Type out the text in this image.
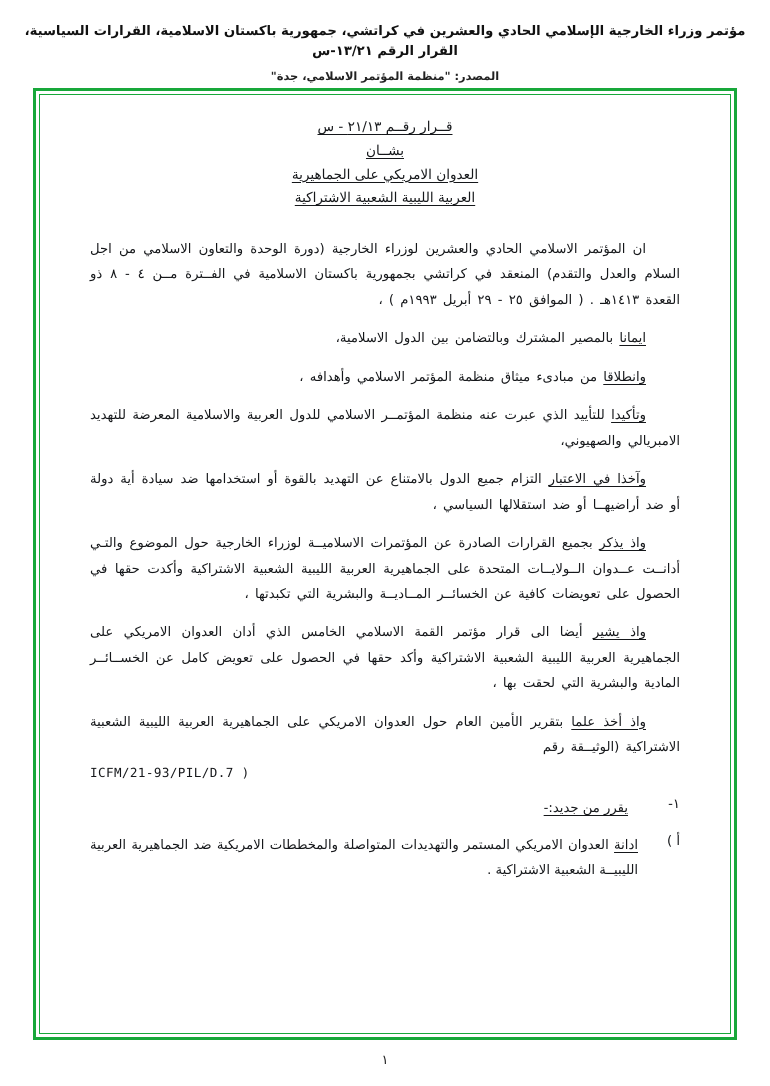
مؤتمر وزراء الخارجية الإسلامي الحادي والعشرين في كراتشي، جمهورية باكستان الاسلامية، القرارات السياسية، القرار الرقم ١٣/٢١-س
المصدر: "منظمة المؤتمر الاسلامي، جدة"
قــرار رقــم ٢١/١٣ - س
بشــان
العدوان الامريكي على الجماهيرية
العربية الليبية الشعبية الاشتراكية

ان المؤتمر الاسلامي الحادي والعشرين لوزراء الخارجية (دورة الوحدة والتعاون الاسلامي من اجل السلام والعدل والتقدم) المنعقد في كراتشي بجمهورية باكستان الاسلامية في الفــترة مــن ٤ - ٨ ذو القعدة ١٤١٣هـ . ( الموافق ٢٥ - ٢٩ أبريل ١٩٩٣م ) ،

ايمانا بالمصير المشترك وبالتضامن بين الدول الاسلامية،

وانطلاقا من مبادىء ميثاق منظمة المؤتمر الاسلامي وأهدافه ،

وتأكيدا للتأييد الذي عبرت عنه منظمة المؤتمــر الاسلامي للدول العربية والاسلامية المعرضة للتهديد الامبريالي والصهيوني،

وآخذا في الاعتبار التزام جميع الدول بالامتناع عن التهديد بالقوة أو استخدامها ضد سيادة أية دولة أو ضد أراضيهــا أو ضد استقلالها السياسي ،

واذ يذكر بجميع القرارات الصادرة عن المؤتمرات الاسلاميــة لوزراء الخارجية حول الموضوع والتـي أدانــت عــدوان الــولايــات المتحدة على الجماهيرية العربية الليبية الشعبية الاشتراكية وأكدت حقها في الحصول على تعويضات كافية عن الخسائــر المــاديــة والبشرية التي تكبدتها ،

واذ يشير أيضا الى قرار مؤتمر القمة الاسلامي الخامس الذي أدان العدوان الامريكي على الجماهيرية العربية الليبية الشعبية الاشتراكية وأكد حقها في الحصول على تعويض كامل عن الخســائــر المادية والبشرية التي لحقت بها ،

واذ أخذ علما بتقرير الأمين العام حول العدوان الامريكي على الجماهيرية العربية الليبية الشعبية الاشتراكية (الوثيــقة رقم

ICFM/21-93/PIL/D.7 )
١-
يقرر من جديد:-
أ )
ادانة العدوان الامريكي المستمر والتهديدات المتواصلة والمخططات الامريكية ضد الجماهيرية العربية الليبيــة الشعبية الاشتراكية .
١
